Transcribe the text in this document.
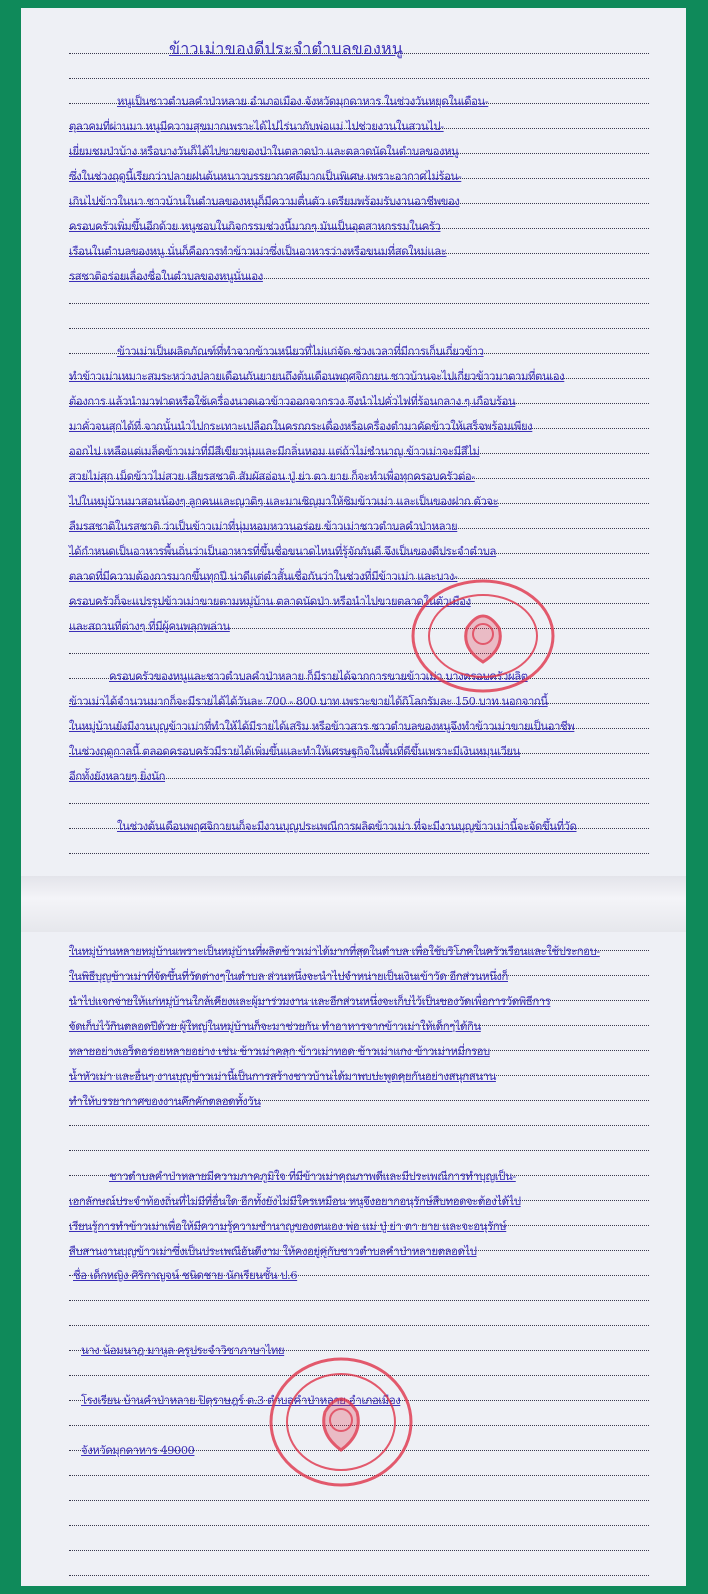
ข้าวเม่าของดีประจำตำบลของหนู
หนูเป็นชาวตำบลคำป่าหลาย อำเภอเมือง จังหวัดมุกดาหาร ในช่วงวันหยุดในเดือน-
ตุลาคมที่ผ่านมา หนูมีความสุขมากเพราะได้ไปไร่นากับพ่อแม่ ไปช่วยงานในสวนไป-
เยี่ยมชมป่าบ้าง หรือบางวันก็ได้ไปขายของป่าในตลาดป่า และตลาดนัดในตำบลของหนู
ซึ่งในช่วงฤดูนี้เรียกว่าปลายฝนต้นหนาวบรรยากาศดีมากเป็นพิเศษ เพราะอากาศไม่ร้อน-
เกินไปข้าวในนา ชาวบ้านในตำบลของหนูก็มีความตื่นตัว เตรียมพร้อมรับงานอาชีพของ
ครอบครัวเพิ่มขึ้นอีกด้วย หนูชอบในกิจกรรมช่วงนี้มากๆ มันเป็นอุตสาหกรรมในครัว
เรือนในตำบลของหนู นั่นก็คือการทำข้าวเม่าซึ่งเป็นอาหารว่างหรือขนมที่สดใหม่และ
รสชาติอร่อยเลื่องชื่อในตำบลของหนูนั่นเอง
ข้าวเม่าเป็นผลิตภัณฑ์ที่ทำจากข้าวเหนียวที่ไม่แก่จัด ช่วงเวลาที่มีการเก็บเกี่ยวข้าว
ทำข้าวเม่าเหมาะสมระหว่างปลายเดือนกันยายนถึงต้นเดือนพฤศจิกายน ชาวบ้านจะไปเกี่ยวข้าวมาตามที่ตนเอง
ต้องการ แล้วนำมาฟาดหรือใช้เครื่องนวดเอาข้าวออกจากรวง จึงนำไปคั่วไฟที่ร้อนกลาง ๆ เกือบร้อน
มาคั่วจนสุกได้ที่ จากนั้นนำไปกระเทาะเปลือกในครกกระเดื่องหรือเครื่องตำมาคัดข้าวให้เสร็จพร้อมเพียง
ออกไป เหลือแต่เมล็ดข้าวเม่าที่มีสีเขียวนุ่มและมีกลิ่นหอม แต่ถ้าไม่ชำนาญ ข้าวเม่าจะมีสีไม่
สวยไม่สุก เม็ดข้าวไม่สวย เสียรสชาติ สัมผัสอ่อน ปู่ ย่า ตา ยาย ก็จะทำเพื่อทุกครอบครัวต่อ-
ไปในหมู่บ้านมาสอนน้องๆ ลูกคนและญาติๆ และมาเชิญมาให้ชิมข้าวเม่า และเป็นของฝาก ตัวจะ
ลืมรสชาติในรสชาติ ว่าเป็นข้าวเม่าที่นุ่มหอมหวานอร่อย ข้าวเม่าชาวตำบลคำป่าหลาย
ได้กำหนดเป็นอาหารพื้นถิ่นว่าเป็นอาหารที่ขึ้นชื่อขนาดไหนที่รู้จักกันดี จึงเป็นของดีประจำตำบล
ตลาดที่มีความต้องการมากขึ้นทุกปี น่าดีแต่ตำสั้นเชื่อกันว่าในช่วงที่มีข้าวเม่า และบาง-
ครอบครัวก็จะแปรรูปข้าวเม่าขายตามหมู่บ้าน ตลาดนัดป่า หรือนำไปขายตลาดในตัวเมือง
และสถานที่ต่างๆ ที่มีผู้คนพลุกพล่าน
ครอบครัวของหนูและชาวตำบลคำป่าหลาย ก็มีรายได้จากการขายข้าวเม่า บางครอบครัวผลิต
ข้าวเม่าได้จำนวนมากก็จะมีรายได้ได้วันละ 700 - 800 บาท เพราะขายได้กิโลกรัมละ 150 บาท นอกจากนี้
ในหมู่บ้านยังมีงานบุญข้าวเม่าที่ทำให้ได้มีรายได้เสริม หรือข้าวสาร ชาวตำบลของหนูจึงทำข้าวเม่าขายเป็นอาชีพ
ในช่วงฤดูกาลนี้ ตลอดครอบครัวมีรายได้เพิ่มขึ้นและทำให้เศรษฐกิจในพื้นที่ดีขึ้นเพราะมีเงินหมุนเวียน
อีกทั้งยังหลายๆ ยิ่งนัก
ในช่วงต้นเดือนพฤศจิกายนก็จะมีงานบุญประเพณีการผลิตข้าวเม่า ที่จะมีงานบุญข้าวเม่านี้จะจัดขึ้นที่วัด
ในหมู่บ้านหลายหมู่บ้านเพราะเป็นหมู่บ้านที่ผลิตข้าวเม่าได้มากที่สุดในตำบล เพื่อใช้บริโภคในครัวเรือนและใช้ประกอบ-
ในพิธีบุญข้าวเม่าที่จัดขึ้นที่วัดต่างๆในตำบล ส่วนหนึ่งจะนำไปจำหน่ายเป็นเงินเข้าวัด อีกส่วนหนึ่งก็
นำไปแจกจ่ายให้แก่หมู่บ้านใกล้เคียงและผู้มาร่วมงาน และอีกส่วนหนึ่งจะเก็บไว้เป็นของวัดเพื่อการวัดพิธีการ
จัดเก็บไว้กินตลอดปีด้วย ผู้ใหญ่ในหมู่บ้านก็จะมาช่วยกัน ทำอาหารจากข้าวเม่าให้เด็กๆได้กิน
หลายอย่างเอร็ดอร่อยหลายอย่าง เช่น ข้าวเม่าคลุก ข้าวเม่าทอด ข้าวเม่าแกง ข้าวเม่าหมี่กรอบ
น้ำหัวเม่า และอื่นๆ งานบุญข้าวเม่านี้เป็นการสร้างชาวบ้านได้มาพบปะพูดคุยกันอย่างสนุกสนาน
ทำให้บรรยากาศของงานคึกคักตลอดทั้งวัน
ชาวตำบลคำป่าหลายมีความภาคภูมิใจ ที่มีข้าวเม่าคุณภาพดีและมีประเพณีการทำบุญเป็น-
เอกลักษณ์ประจำท้องถิ่นที่ไม่มีที่อื่นใด อีกทั้งยังไม่มีใครเหมือน หนูจึงอยากอนุรักษ์สืบทอดจะต้องได้ไป
เรียนรู้การทำข้าวเม่าเพื่อให้มีความรู้ความชำนาญของตนเอง พ่อ แม่ ปู่ ย่า ตา ยาย และจะอนุรักษ์
สืบสานงานบุญข้าวเม่าซึ่งเป็นประเพณีอันดีงาม ให้คงอยู่คู่กับชาวตำบลคำป่าหลายตลอดไป
ชื่อ เด็กหญิง ศิริกาญจน์ ชนิดชาย นักเรียนชั้น ป.6
นาง น้อมนาฎ มานูล ครูประจำวิชาภาษาไทย
โรงเรียน บ้านคำป่าหลาย ปิตุราษฎร์ ต.3 ตำบลคำป่าหลาย อำเภอเมือง
จังหวัดมุกดาหาร 49000
